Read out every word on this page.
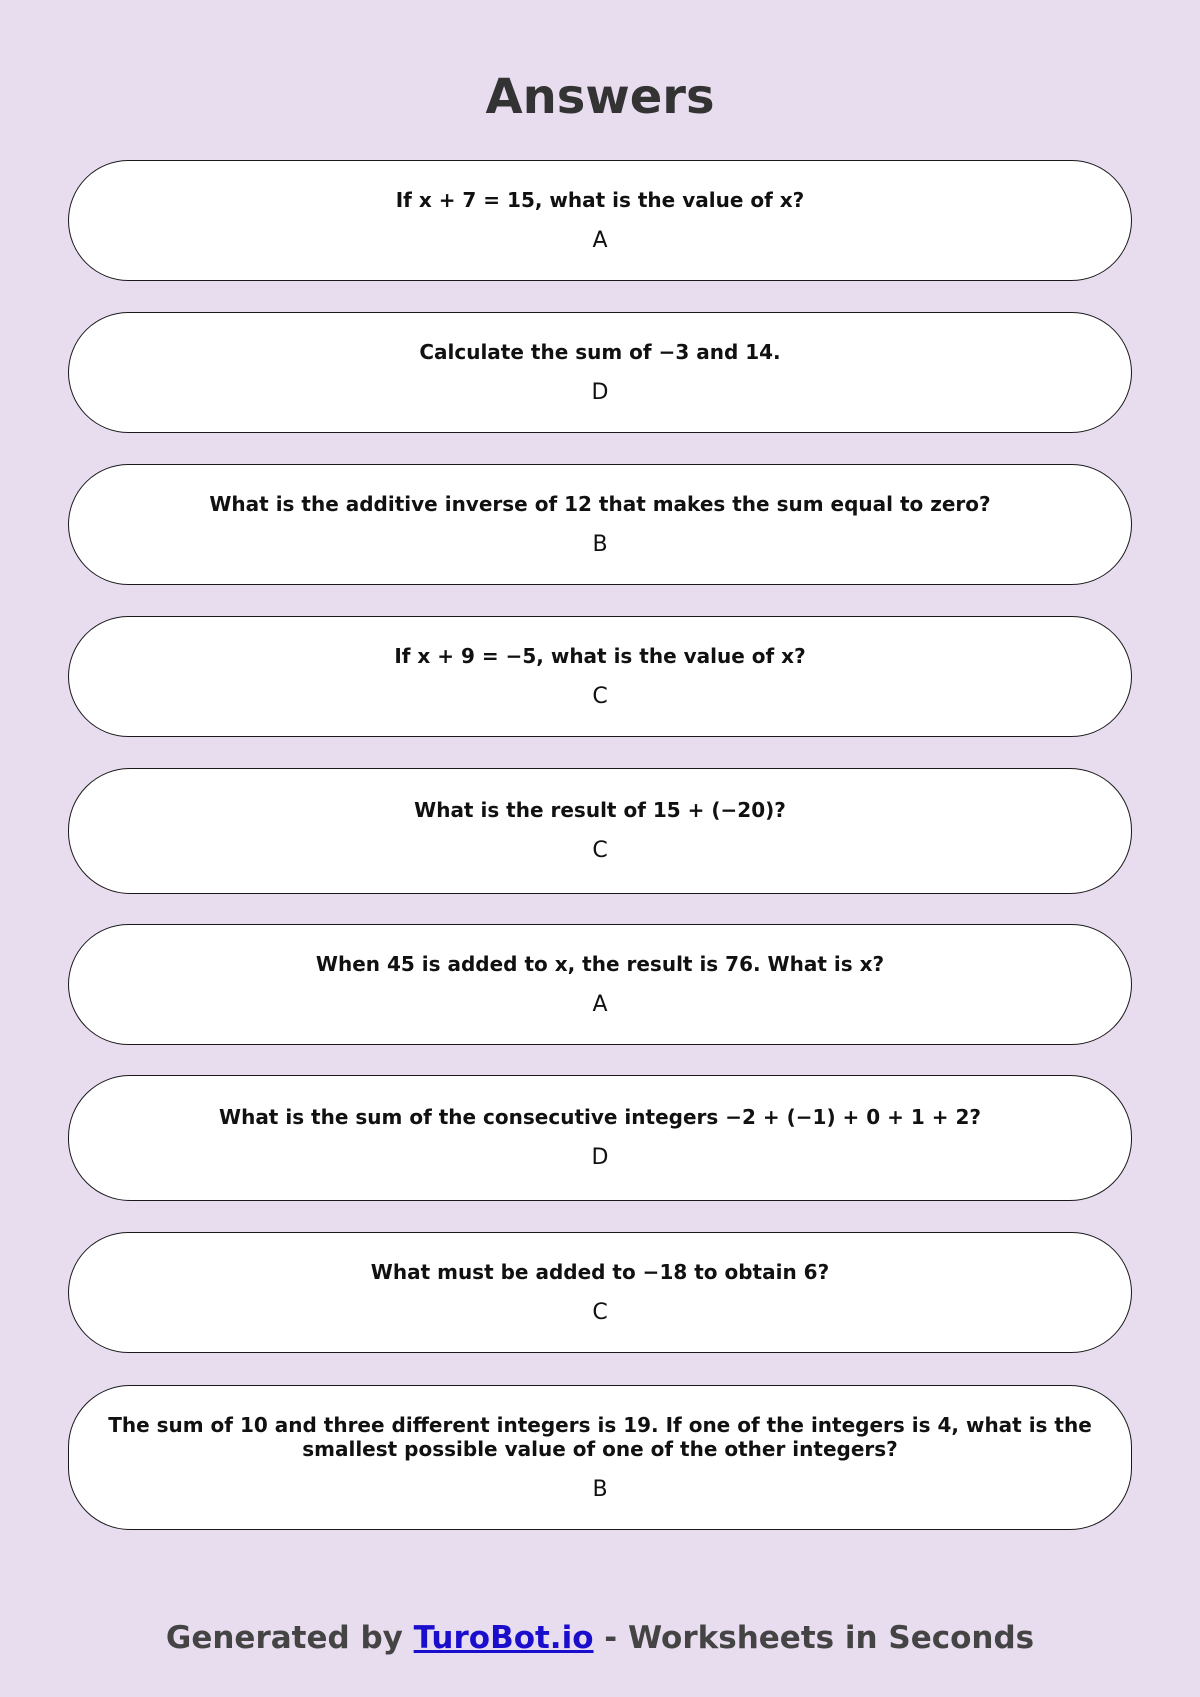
Answers
If x + 7 = 15, what is the value of x?
A
Calculate the sum of −3 and 14.
D
What is the additive inverse of 12 that makes the sum equal to zero?
B
If x + 9 = −5, what is the value of x?
C
What is the result of 15 + (−20)?
C
When 45 is added to x, the result is 76. What is x?
A
What is the sum of the consecutive integers −2 + (−1) + 0 + 1 + 2?
D
What must be added to −18 to obtain 6?
C
The sum of 10 and three different integers is 19. If one of the integers is 4, what is the smallest possible value of one of the other integers?
B
Generated by TuroBot.io - Worksheets in Seconds
